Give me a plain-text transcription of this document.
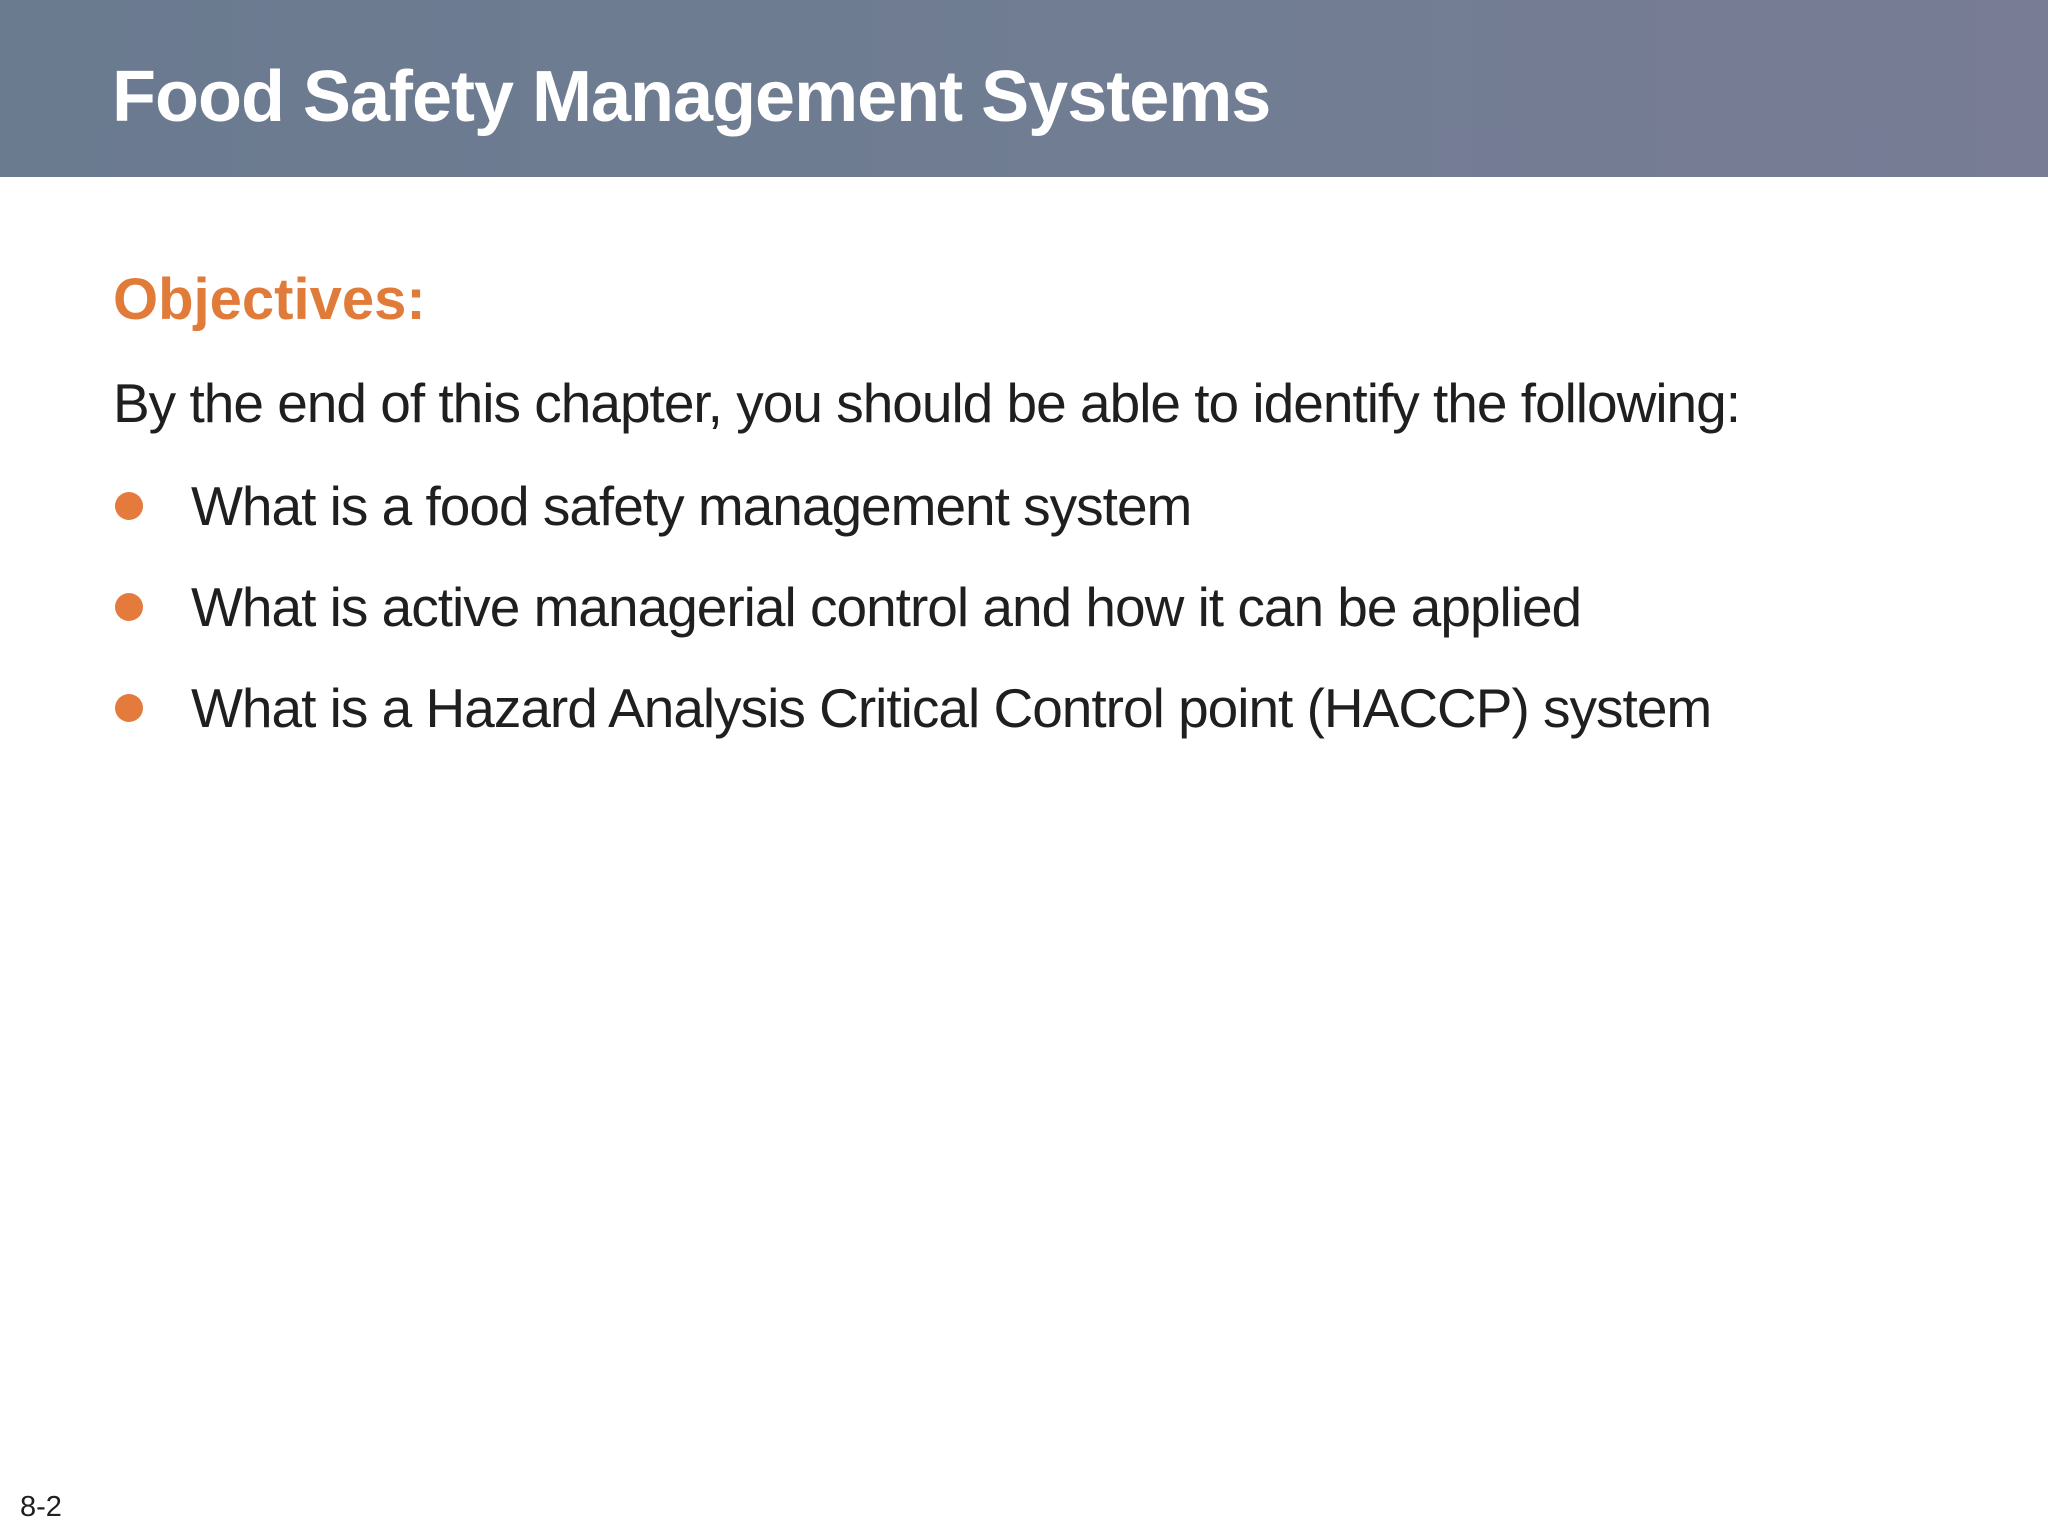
Food Safety Management Systems
Objectives:

By the end of this chapter, you should be able to identify the following:

What is a food safety management system
What is active managerial control and how it can be applied
What is a Hazard Analysis Critical Control point (HACCP) system
8-2
